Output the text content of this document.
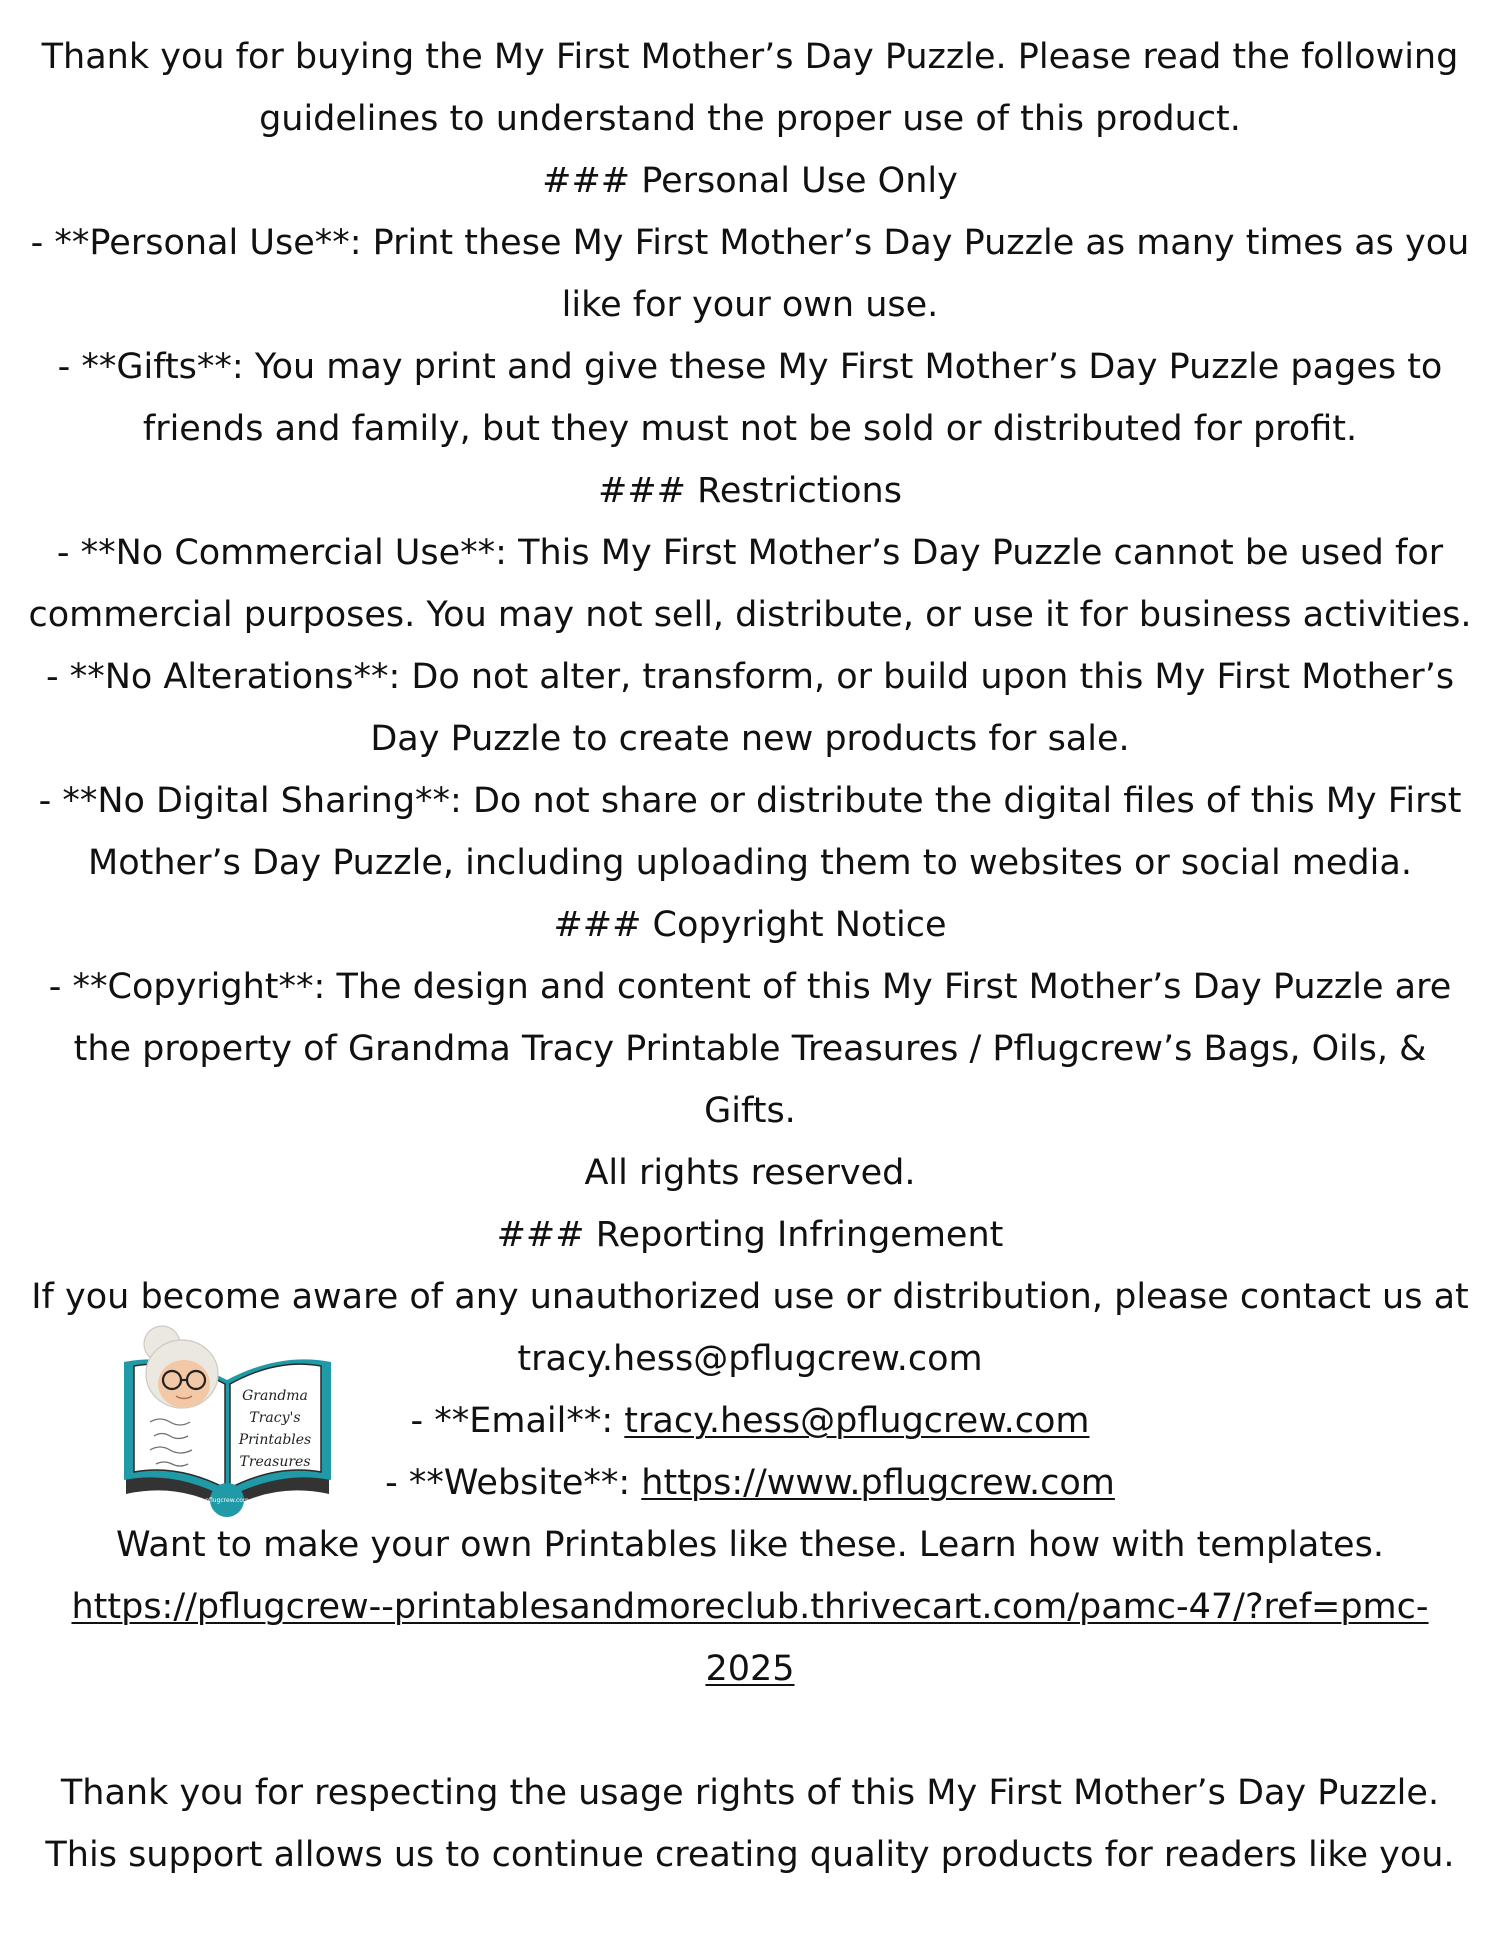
Thank you for buying the My First Mother’s Day Puzzle. Please read the following
guidelines to understand the proper use of this product.
### Personal Use Only
- **Personal Use**: Print these My First Mother’s Day Puzzle as many times as you
like for your own use.
- **Gifts**: You may print and give these My First Mother’s Day Puzzle pages to
friends and family, but they must not be sold or distributed for profit.
### Restrictions
- **No Commercial Use**: This My First Mother’s Day Puzzle cannot be used for
commercial purposes. You may not sell, distribute, or use it for business activities.
- **No Alterations**: Do not alter, transform, or build upon this My First Mother’s
Day Puzzle to create new products for sale.
- **No Digital Sharing**: Do not share or distribute the digital files of this My First
Mother’s Day Puzzle, including uploading them to websites or social media.
### Copyright Notice
- **Copyright**: The design and content of this My First Mother’s Day Puzzle are
the property of Grandma Tracy Printable Treasures / Pflugcrew’s Bags, Oils, &
Gifts.
All rights reserved.
### Reporting Infringement
If you become aware of any unauthorized use or distribution, please contact us at
tracy.hess@pflugcrew.com
- **Email**: tracy.hess@pflugcrew.com
- **Website**: https://www.pflugcrew.com
Want to make your own Printables like these. Learn how with templates.
https://pflugcrew--printablesandmoreclub.thrivecart.com/pamc-47/?ref=pmc-
2025
Thank you for respecting the usage rights of this My First Mother’s Day Puzzle.
This support allows us to continue creating quality products for readers like you.
Grandma
Tracy's
Printables
Treasures
pflugcrew.com
